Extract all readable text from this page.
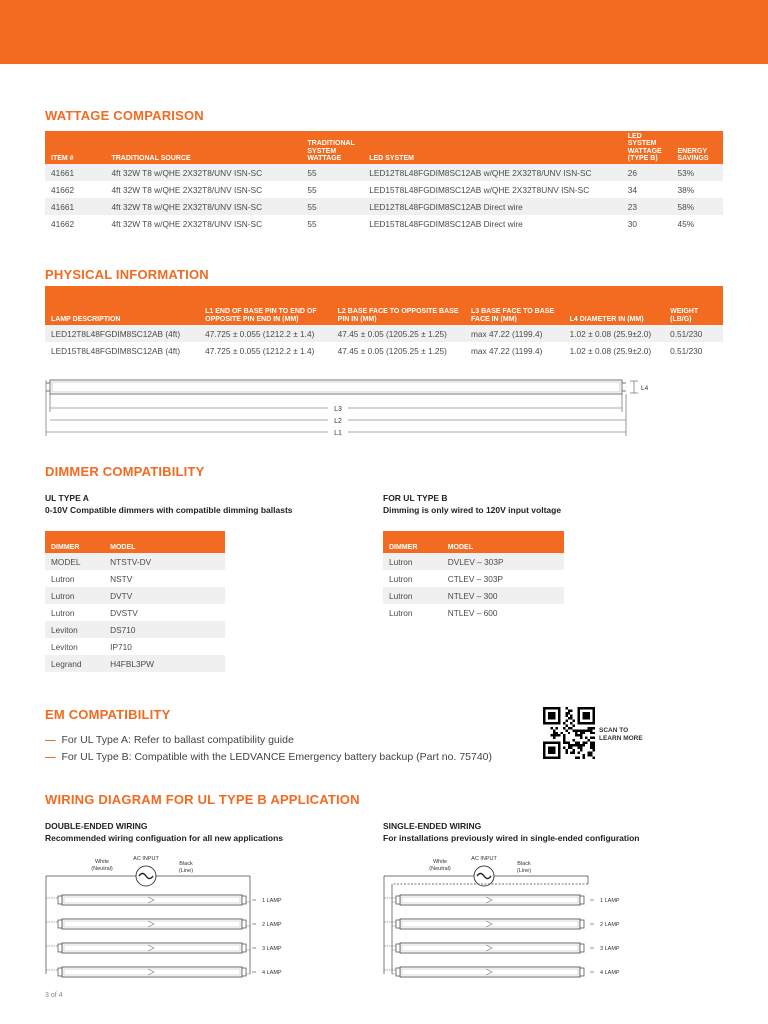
WATTAGE COMPARISON
ITEM #	TRADITIONAL SOURCE	TRADITIONAL SYSTEM WATTAGE	LED SYSTEM	LED SYSTEM WATTAGE (TYPE B)	ENERGY SAVINGS
41661	4ft 32W T8 w/QHE 2X32T8/UNV ISN-SC	55	LED12T8L48FGDIM8SC12AB w/QHE 2X32T8/UNV ISN-SC	26	53%
41662	4ft 32W T8 w/QHE 2X32T8/UNV ISN-SC	55	LED15T8L48FGDIM8SC12AB w/QHE 2X32T8UNV ISN-SC	34	38%
41661	4ft 32W T8 w/QHE 2X32T8/UNV ISN-SC	55	LED12T8L48FGDIM8SC12AB Direct wire	23	58%
41662	4ft 32W T8 w/QHE 2X32T8/UNV ISN-SC	55	LED15T8L48FGDIM8SC12AB Direct wire	30	45%
PHYSICAL INFORMATION
LAMP DESCRIPTION	L1 END OF BASE PIN TO END OF OPPOSITE PIN END IN (MM)	L2 BASE FACE TO OPPOSITE BASE PIN IN (MM)	L3 BASE FACE TO BASE FACE IN (MM)	L4 DIAMETER IN (MM)	WEIGHT (LB/G)
LED12T8L48FGDIM8SC12AB (4ft)	47.725 ± 0.055 (1212.2 ± 1.4)	47.45 ± 0.05 (1205.25 ± 1.25)	max 47.22 (1199.4)	1.02 ± 0.08 (25.9±2.0)	0.51/230
LED15T8L48FGDIM8SC12AB (4ft)	47.725 ± 0.055 (1212.2 ± 1.4)	47.45 ± 0.05 (1205.25 ± 1.25)	max 47.22 (1199.4)	1.02 ± 0.08 (25.9±2.0)	0.51/230
L4
L3
L2
L1
DIMMER COMPATIBILITY
UL TYPE A
0-10V Compatible dimmers with compatible dimming ballasts
DIMMER	MODEL
MODEL	NTSTV-DV
Lutron	NSTV
Lutron	DVTV
Lutron	DVSTV
Leviton	DS710
Leviton	IP710
Legrand	H4FBL3PW
FOR UL TYPE B
Dimming is only wired to 120V input voltage
DIMMER	MODEL
Lutron	DVLEV – 303P
Lutron	CTLEV – 303P
Lutron	NTLEV – 300
Lutron	NTLEV – 600
EM COMPATIBILITY
— For UL Type A: Refer to ballast compatibility guide
— For UL Type B: Compatible with the LEDVANCE Emergency battery backup (Part no. 75740)
SCAN TO
LEARN MORE
WIRING DIAGRAM FOR UL TYPE B APPLICATION
DOUBLE-ENDED WIRING
Recommended wiring configuation for all new applications
SINGLE-ENDED WIRING
For installations previously wired in single-ended configuration
White
(Neutral)
AC INPUT
Black
(Line)
1 LAMP
2 LAMP
3 LAMP
4 LAMP
White
(Neutral)
AC INPUT
Black
(Line)
1 LAMP
2 LAMP
3 LAMP
4 LAMP
3 of 4
